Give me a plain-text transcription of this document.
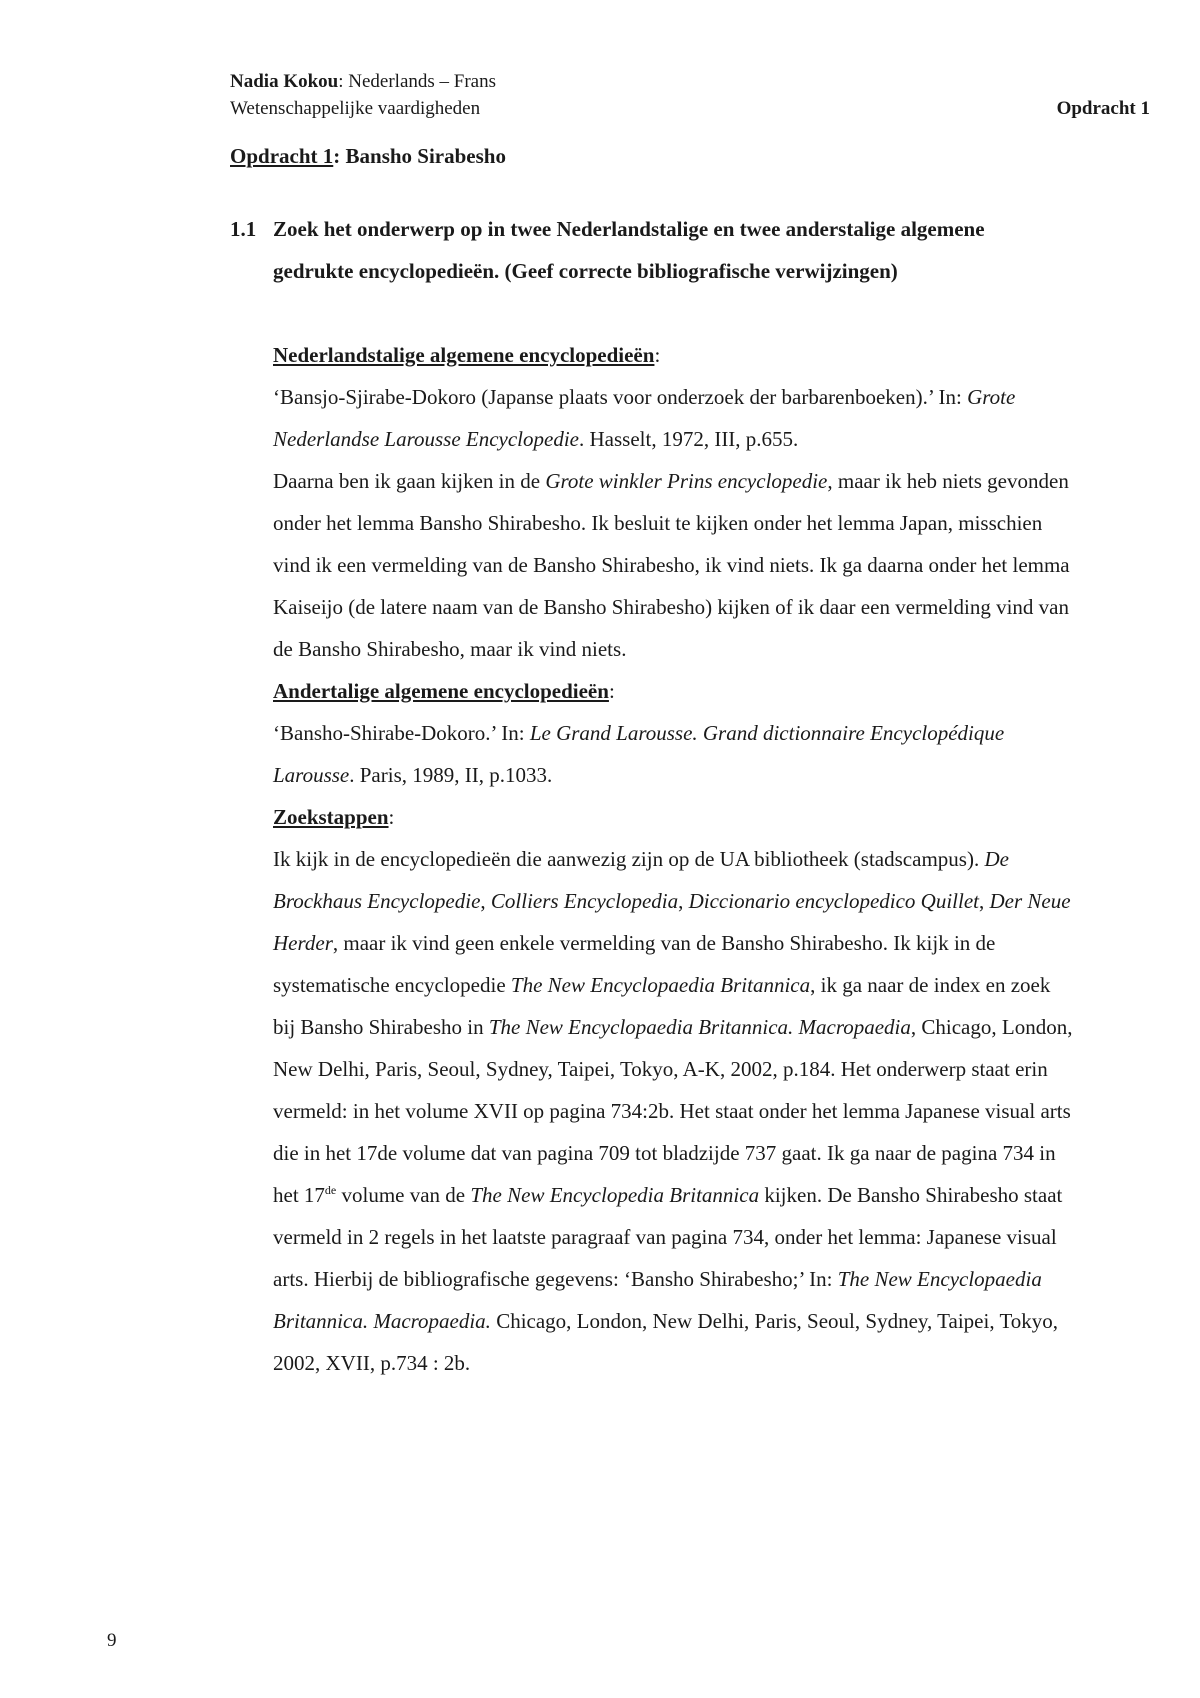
Nadia Kokou: Nederlands – Frans
Wetenschappelijke vaardigheden	Opdracht 1
Opdracht 1: Bansho Sirabesho
1.1 Zoek het onderwerp op in twee Nederlandstalige en twee anderstalige algemene gedrukte encyclopedieën. (Geef correcte bibliografische verwijzingen)

Nederlandstalige algemene encyclopedieën:

‘Bansjo-Sjirabe-Dokoro (Japanse plaats voor onderzoek der barbarenboeken).’ In: Grote Nederlandse Larousse Encyclopedie. Hasselt, 1972, III, p.655.

Daarna ben ik gaan kijken in de Grote winkler Prins encyclopedie, maar ik heb niets gevonden onder het lemma Bansho Shirabesho. Ik besluit te kijken onder het lemma Japan, misschien vind ik een vermelding van de Bansho Shirabesho, ik vind niets. Ik ga daarna onder het lemma Kaiseijo (de latere naam van de Bansho Shirabesho) kijken of ik daar een vermelding vind van de Bansho Shirabesho, maar ik vind niets.

Andertalige algemene encyclopedieën:

‘Bansho-Shirabe-Dokoro.’ In: Le Grand Larousse. Grand dictionnaire Encyclopédique Larousse. Paris, 1989, II, p.1033.

Zoekstappen:

Ik kijk in de encyclopedieën die aanwezig zijn op de UA bibliotheek (stadscampus). De Brockhaus Encyclopedie, Colliers Encyclopedia, Diccionario encyclopedico Quillet, Der Neue Herder, maar ik vind geen enkele vermelding van de Bansho Shirabesho. Ik kijk in de systematische encyclopedie The New Encyclopaedia Britannica, ik ga naar de index en zoek bij Bansho Shirabesho in The New Encyclopaedia Britannica. Macropaedia, Chicago, London, New Delhi, Paris, Seoul, Sydney, Taipei, Tokyo, A-K, 2002, p.184. Het onderwerp staat erin vermeld: in het volume XVII op pagina 734:2b. Het staat onder het lemma Japanese visual arts die in het 17de volume dat van pagina 709 tot bladzijde 737 gaat. Ik ga naar de pagina 734 in het 17de volume van de The New Encyclopedia Britannica kijken. De Bansho Shirabesho staat vermeld in 2 regels in het laatste paragraaf van pagina 734, onder het lemma: Japanese visual arts. Hierbij de bibliografische gegevens: ‘Bansho Shirabesho;’ In: The New Encyclopaedia Britannica. Macropaedia. Chicago, London, New Delhi, Paris, Seoul, Sydney, Taipei, Tokyo, 2002, XVII, p.734 : 2b.

9
